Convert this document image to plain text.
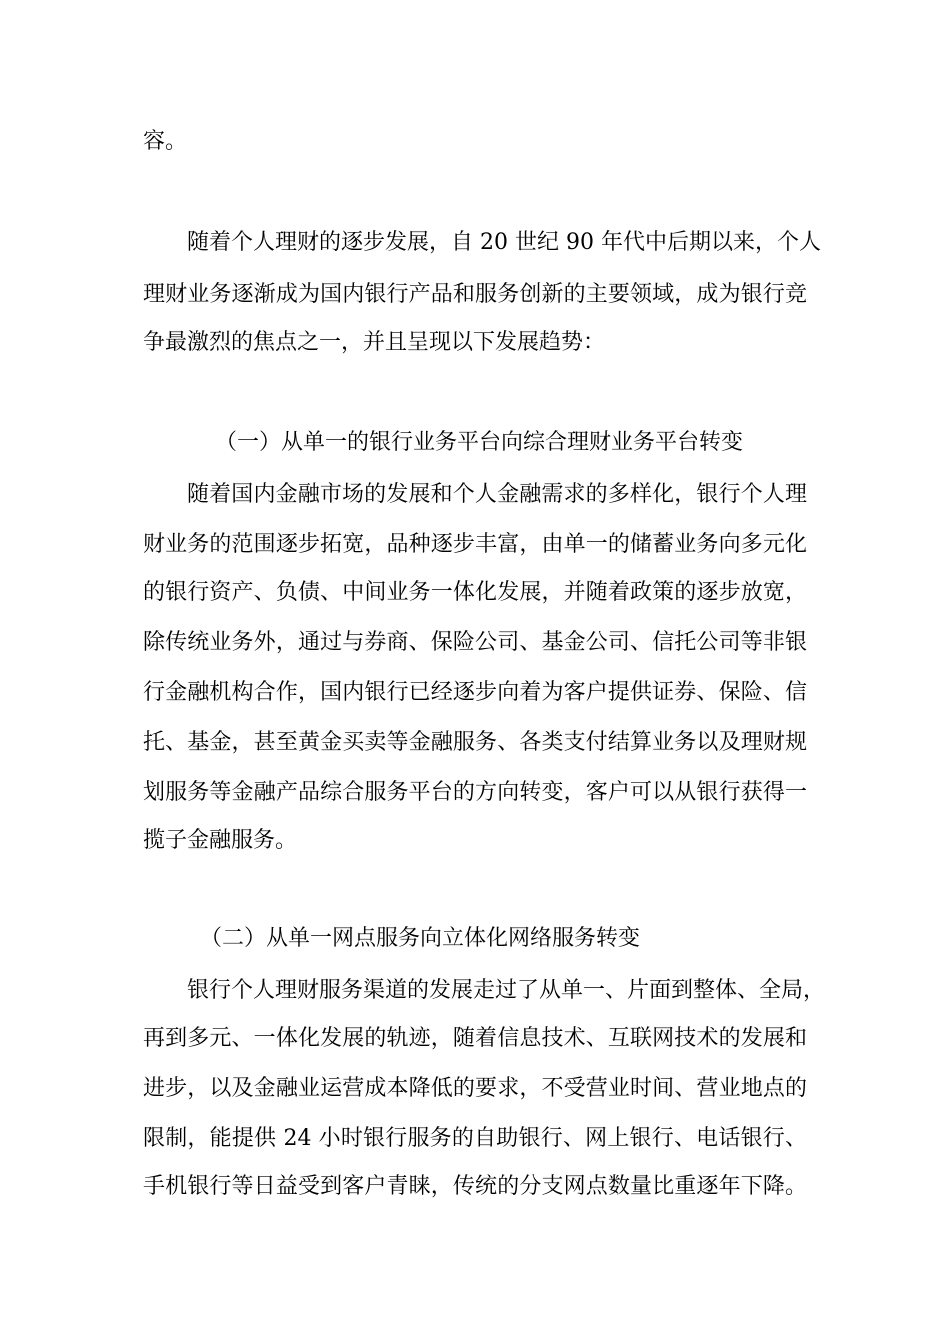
容。
随着个人理财的逐步发展，自 20 世纪 90 年代中后期以来，个人
理财业务逐渐成为国内银行产品和服务创新的主要领域，成为银行竞
争最激烈的焦点之一，并且呈现以下发展趋势：
（一）从单一的银行业务平台向综合理财业务平台转变
随着国内金融市场的发展和个人金融需求的多样化，银行个人理
财业务的范围逐步拓宽，品种逐步丰富，由单一的储蓄业务向多元化
的银行资产、负债、中间业务一体化发展，并随着政策的逐步放宽，
除传统业务外，通过与券商、保险公司、基金公司、信托公司等非银
行金融机构合作，国内银行已经逐步向着为客户提供证券、保险、信
托、基金，甚至黄金买卖等金融服务、各类支付结算业务以及理财规
划服务等金融产品综合服务平台的方向转变，客户可以从银行获得一
揽子金融服务。
（二）从单一网点服务向立体化网络服务转变
银行个人理财服务渠道的发展走过了从单一、片面到整体、全局，
再到多元、一体化发展的轨迹，随着信息技术、互联网技术的发展和
进步，以及金融业运营成本降低的要求，不受营业时间、营业地点的
限制，能提供 24 小时银行服务的自助银行、网上银行、电话银行、
手机银行等日益受到客户青睐，传统的分支网点数量比重逐年下降。
